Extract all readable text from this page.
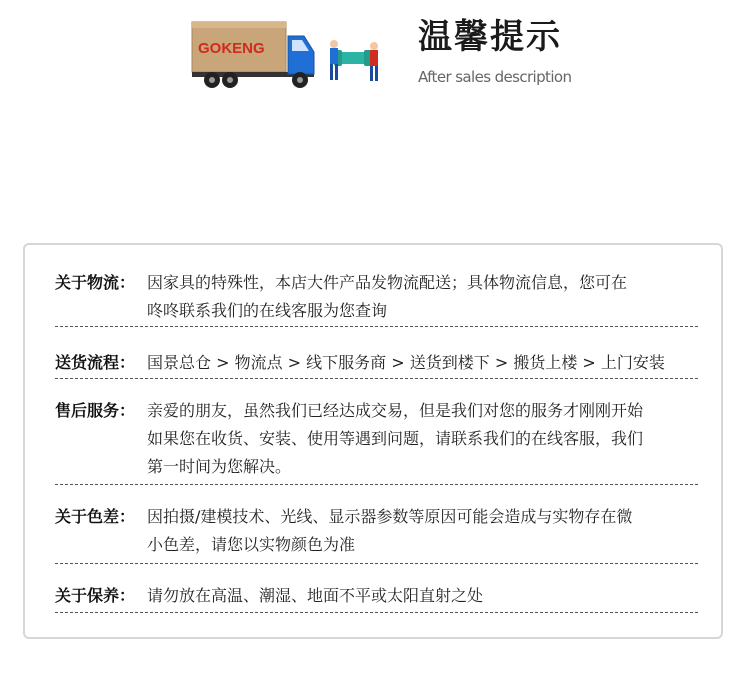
GOKENG	温馨提示
After sales description
关于物流： 因家具的特殊性，本店大件产品发物流配送；具体物流信息，您可在
咚咚联系我们的在线客服为您查询
送货流程： 国景总仓 > 物流点 > 线下服务商 > 送货到楼下 > 搬货上楼 > 上门安装
售后服务： 亲爱的朋友，虽然我们已经达成交易，但是我们对您的服务才刚刚开始
如果您在收货、安装、使用等遇到问题，请联系我们的在线客服，我们
第一时间为您解决。
关于色差： 因拍摄/建模技术、光线、显示器参数等原因可能会造成与实物存在微
小色差，请您以实物颜色为准
关于保养： 请勿放在高温、潮湿、地面不平或太阳直射之处
